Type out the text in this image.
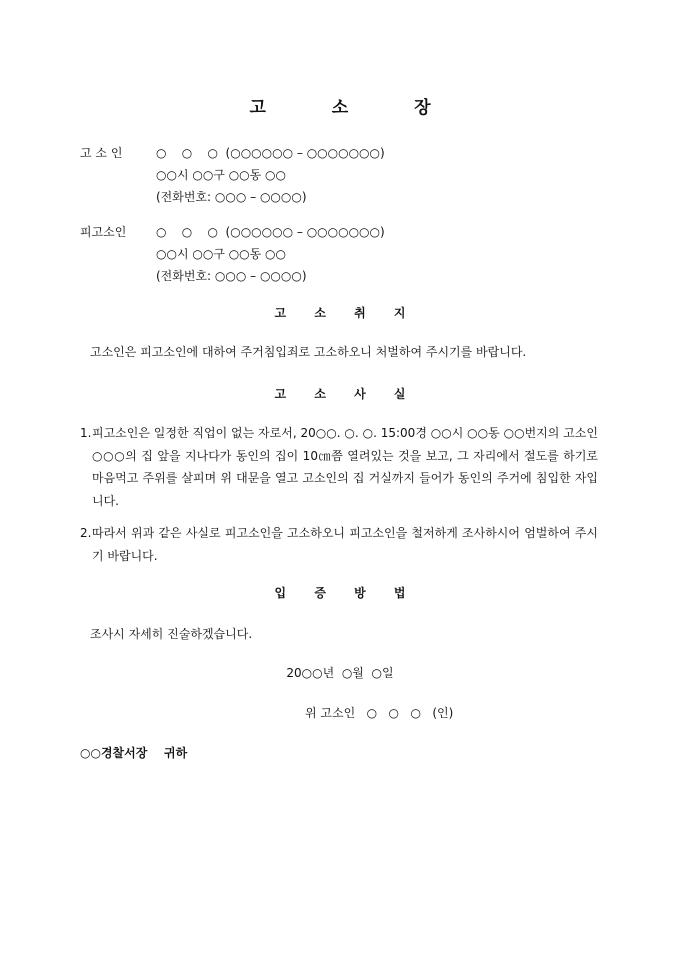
고 소 장
고 소 인	○    ○    ○  (○○○○○○ – ○○○○○○○)
○○시 ○○구 ○○동 ○○
(전화번호: ○○○ – ○○○○)
피고소인	○    ○    ○  (○○○○○○ – ○○○○○○○)
○○시 ○○구 ○○동 ○○
(전화번호: ○○○ – ○○○○)
고 소 취 지
고소인은 피고소인에 대하여 주거침입죄로 고소하오니 처벌하여 주시기를 바랍니다.
고 소 사 실
1. 피고소인은 일정한 직업이 없는 자로서, 20○○. ○. ○. 15:00경 ○○시 ○○동 ○○번지의 고소인 ○○○의 집 앞을 지나다가 동인의 집이 10㎝쯤 열려있는 것을 보고, 그 자리에서 절도를 하기로 마음먹고 주위를 살피며 위 대문을 열고 고소인의 집 거실까지 들어가 동인의 주거에 침입한 자입니다.
2. 따라서 위과 같은 사실로 피고소인을 고소하오니 피고소인을 철저하게 조사하시어 엄벌하여 주시기 바랍니다.
입 증 방 법
조사시 자세히 진술하겠습니다.
20○○년  ○월  ○일
위 고소인   ○   ○   ○   (인)
○○경찰서장    귀하
